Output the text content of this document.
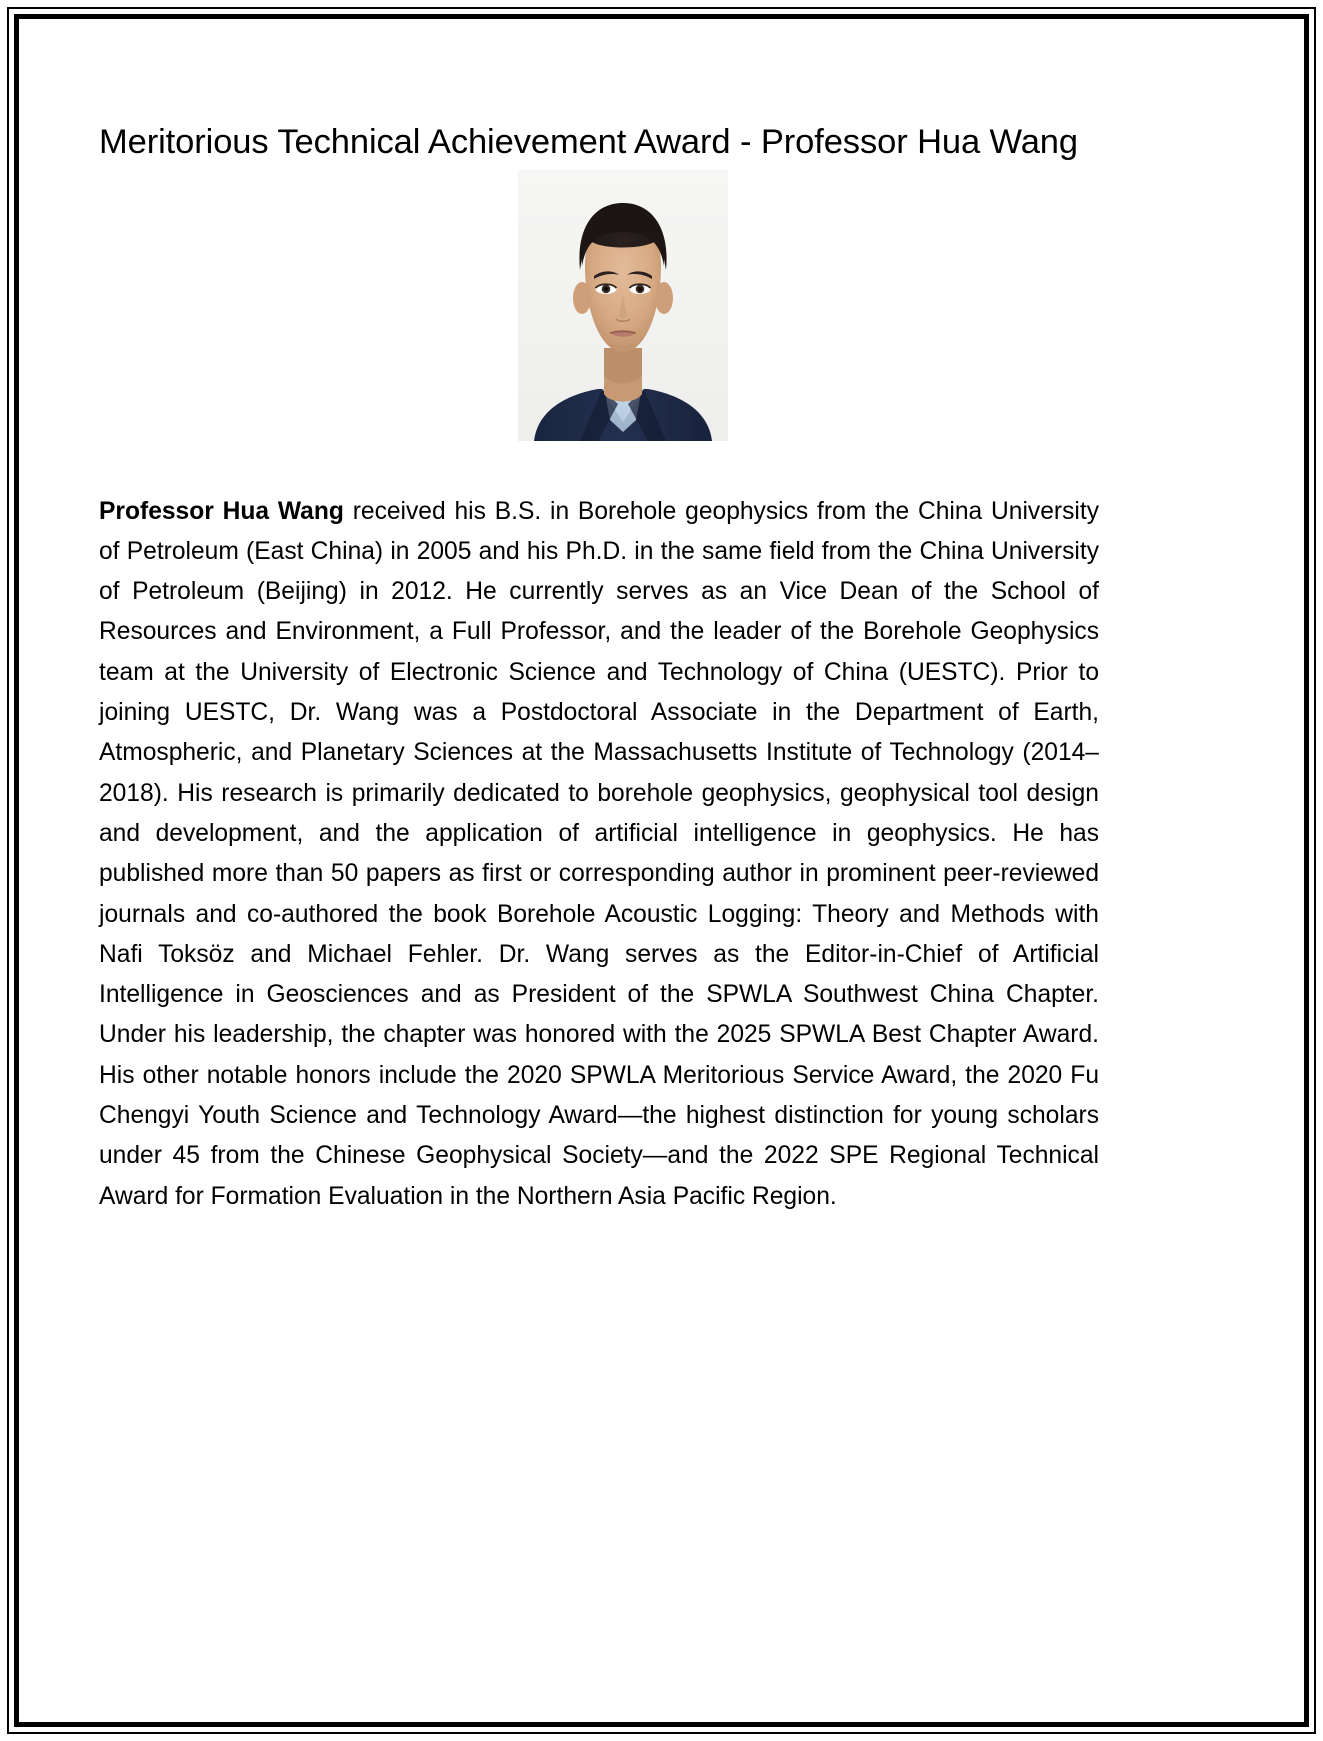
Meritorious Technical Achievement Award - Professor Hua Wang

Professor Hua Wang received his B.S. in Borehole geophysics from the China University of Petroleum (East China) in 2005 and his Ph.D. in the same field from the China University of Petroleum (Beijing) in 2012. He currently serves as an Vice Dean of the School of Resources and Environment, a Full Professor, and the leader of the Borehole Geophysics team at the University of Electronic Science and Technology of China (UESTC). Prior to joining UESTC, Dr. Wang was a Postdoctoral Associate in the Department of Earth, Atmospheric, and Planetary Sciences at the Massachusetts Institute of Technology (2014–2018). His research is primarily dedicated to borehole geophysics, geophysical tool design and development, and the application of artificial intelligence in geophysics. He has published more than 50 papers as first or corresponding author in prominent peer-reviewed journals and co-authored the book Borehole Acoustic Logging: Theory and Methods with Nafi Toksöz and Michael Fehler. Dr. Wang serves as the Editor-in-Chief of Artificial Intelligence in Geosciences and as President of the SPWLA Southwest China Chapter. Under his leadership, the chapter was honored with the 2025 SPWLA Best Chapter Award. His other notable honors include the 2020 SPWLA Meritorious Service Award, the 2020 Fu Chengyi Youth Science and Technology Award—the highest distinction for young scholars under 45 from the Chinese Geophysical Society—and the 2022 SPE Regional Technical Award for Formation Evaluation in the Northern Asia Pacific Region.
